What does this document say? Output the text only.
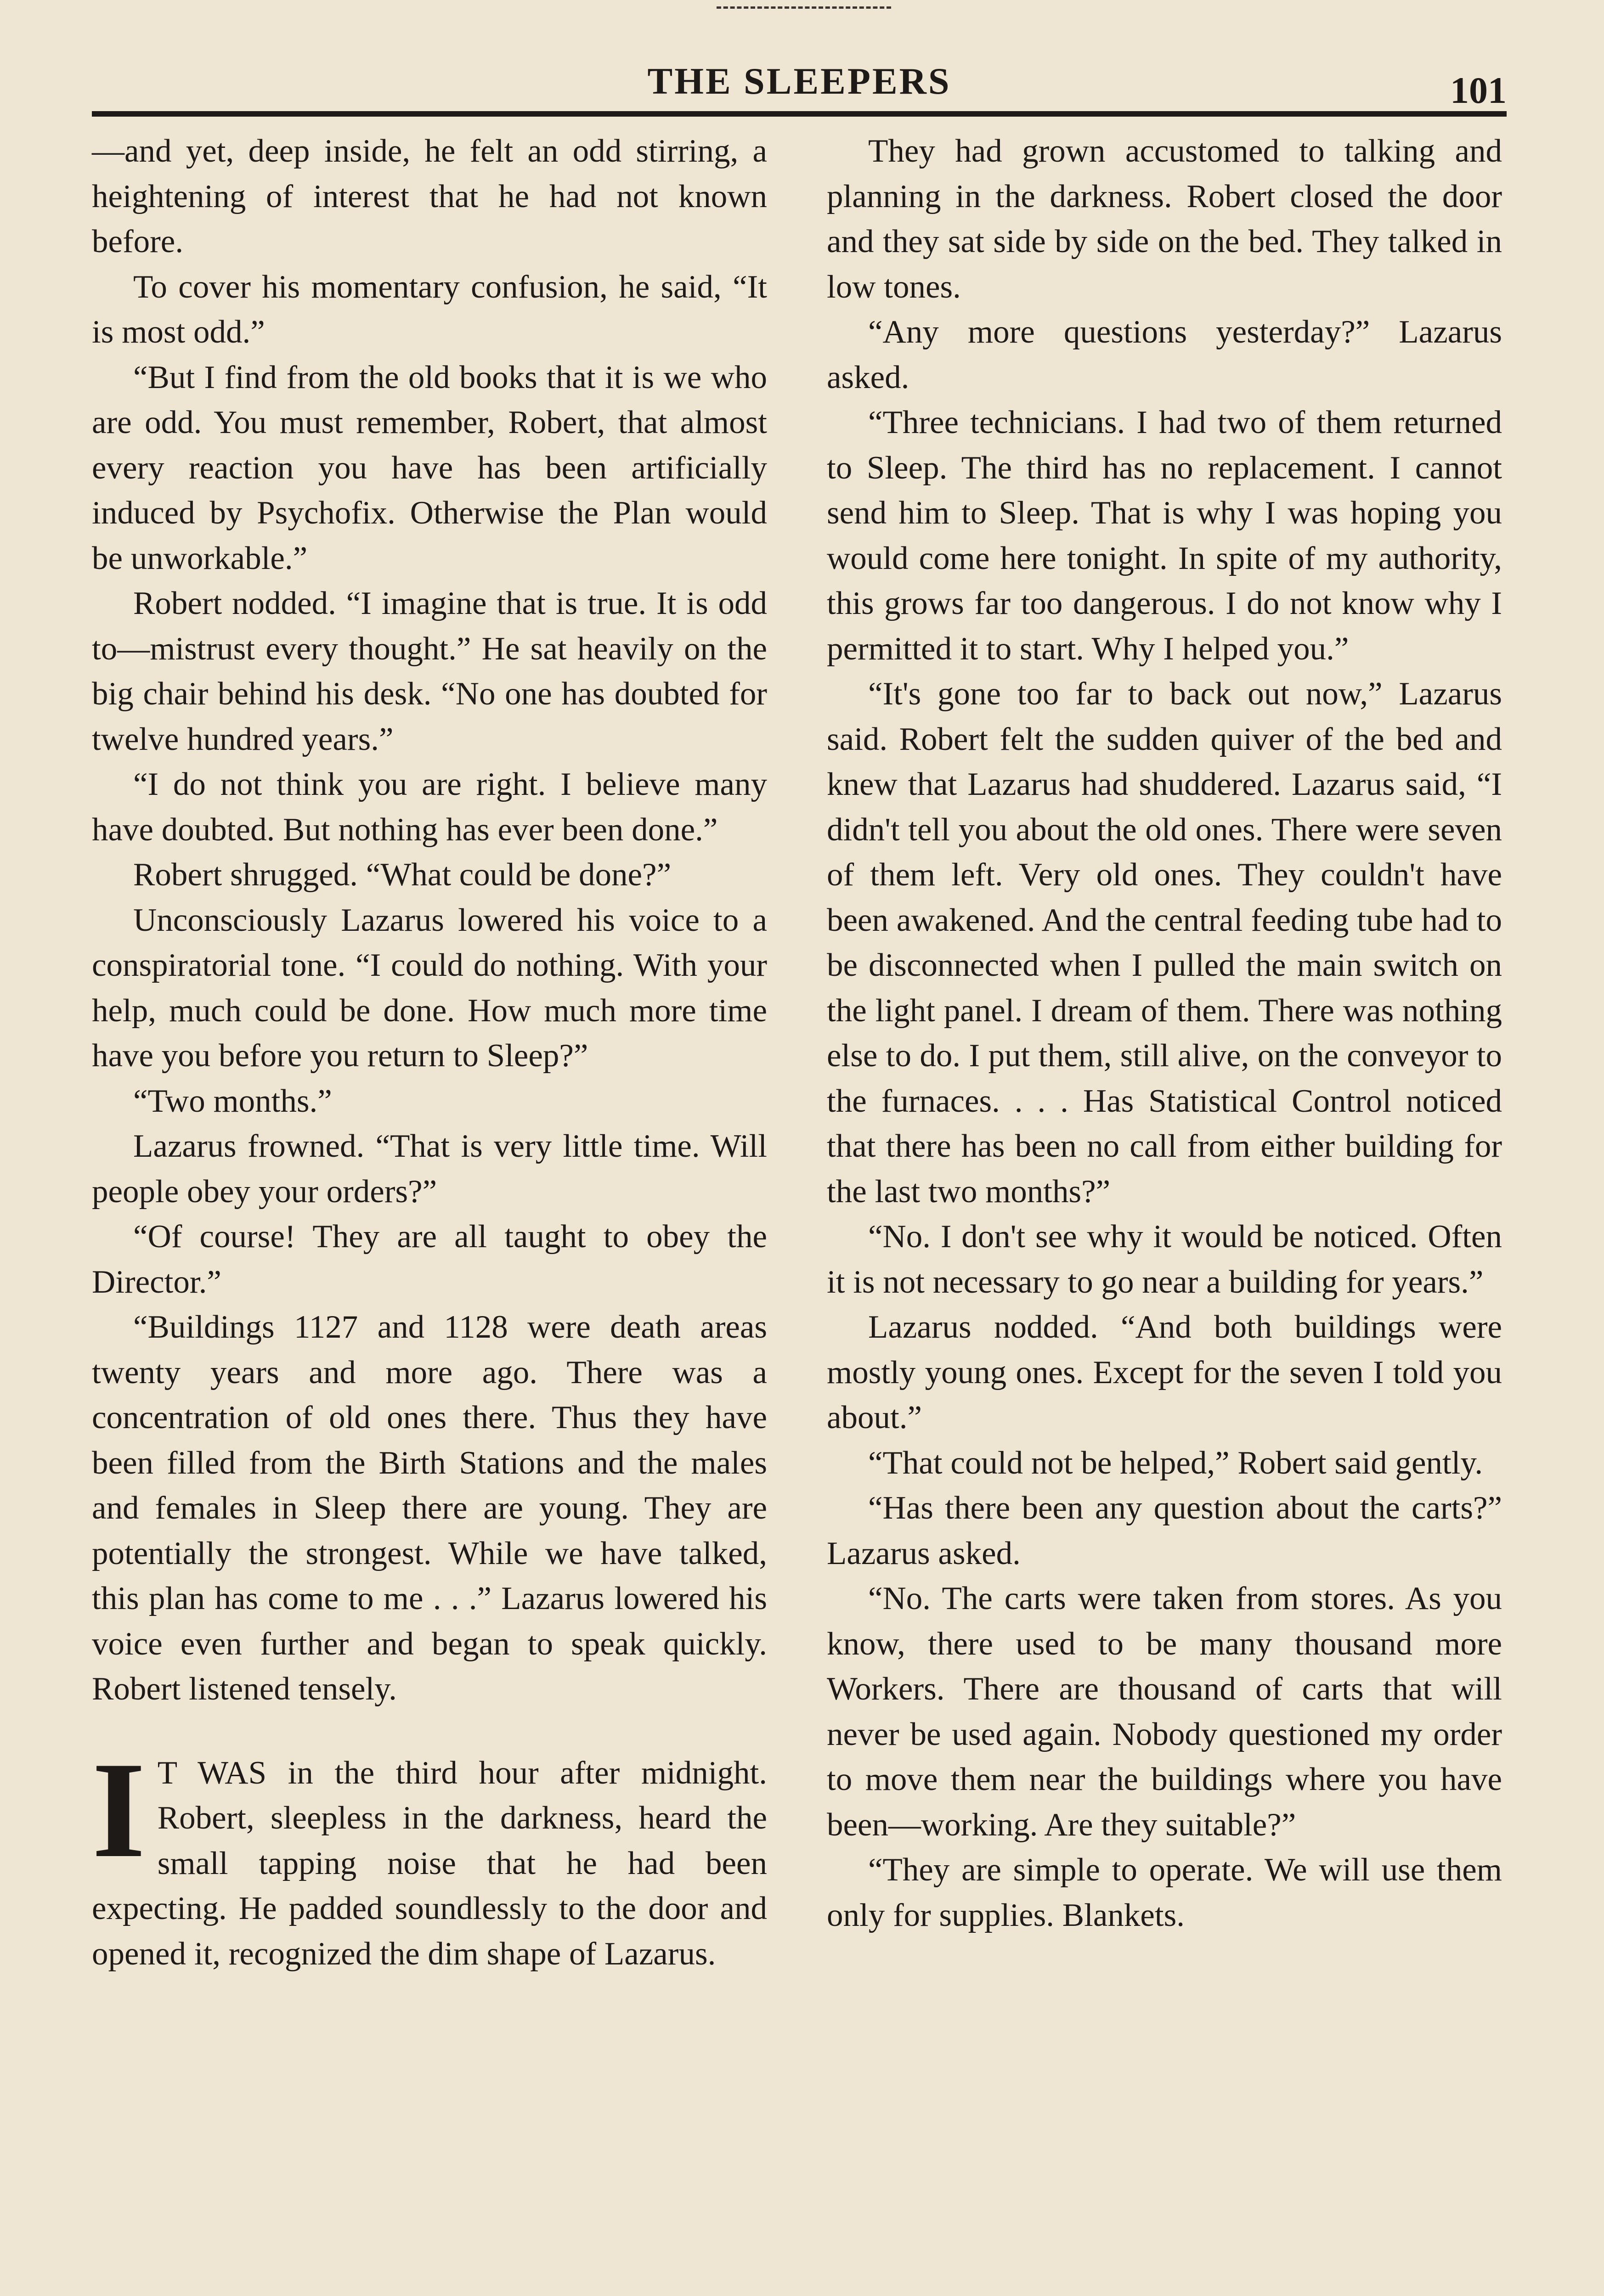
THE SLEEPERS	101

—and yet, deep inside, he felt an odd stirring, a heightening of interest that he had not known before.

To cover his momentary confusion, he said, “It is most odd.”

“But I find from the old books that it is we who are odd. You must remember, Robert, that almost every reaction you have has been artificially induced by Psychofix. Otherwise the Plan would be unworkable.”

Robert nodded. “I imagine that is true. It is odd to—mistrust every thought.” He sat heavily on the big chair behind his desk. “No one has doubted for twelve hundred years.”

“I do not think you are right. I believe many have doubted. But nothing has ever been done.”

Robert shrugged. “What could be done?”

Unconsciously Lazarus lowered his voice to a conspiratorial tone. “I could do nothing. With your help, much could be done. How much more time have you before you return to Sleep?”

“Two months.”

Lazarus frowned. “That is very little time. Will people obey your orders?”

“Of course! They are all taught to obey the Director.”

“Buildings 1127 and 1128 were death areas twenty years and more ago. There was a concentration of old ones there. Thus they have been filled from the Birth Stations and the males and females in Sleep there are young. They are potentially the strongest. While we have talked, this plan has come to me . . .” Lazarus lowered his voice even further and began to speak quickly. Robert listened tensely.

I T WAS in the third hour after midnight. Robert, sleepless in the darkness, heard the small tapping noise that he had been expecting. He padded soundlessly to the door and opened it, recognized the dim shape of Lazarus.

They had grown accustomed to talking and planning in the darkness. Robert closed the door and they sat side by side on the bed. They talked in low tones.

“Any more questions yesterday?” Lazarus asked.

“Three technicians. I had two of them returned to Sleep. The third has no replacement. I cannot send him to Sleep. That is why I was hoping you would come here tonight. In spite of my authority, this grows far too dangerous. I do not know why I permitted it to start. Why I helped you.”

“It's gone too far to back out now,” Lazarus said. Robert felt the sudden quiver of the bed and knew that Lazarus had shuddered. Lazarus said, “I didn't tell you about the old ones. There were seven of them left. Very old ones. They couldn't have been awakened. And the central feeding tube had to be disconnected when I pulled the main switch on the light panel. I dream of them. There was nothing else to do. I put them, still alive, on the conveyor to the furnaces. . . . Has Statistical Control noticed that there has been no call from either building for the last two months?”

“No. I don't see why it would be noticed. Often it is not necessary to go near a building for years.”

Lazarus nodded. “And both buildings were mostly young ones. Except for the seven I told you about.”

“That could not be helped,” Robert said gently.

“Has there been any question about the carts?” Lazarus asked.

“No. The carts were taken from stores. As you know, there used to be many thousand more Workers. There are thousand of carts that will never be used again. Nobody questioned my order to move them near the buildings where you have been—working. Are they suitable?”

“They are simple to operate. We will use them only for supplies. Blankets.
